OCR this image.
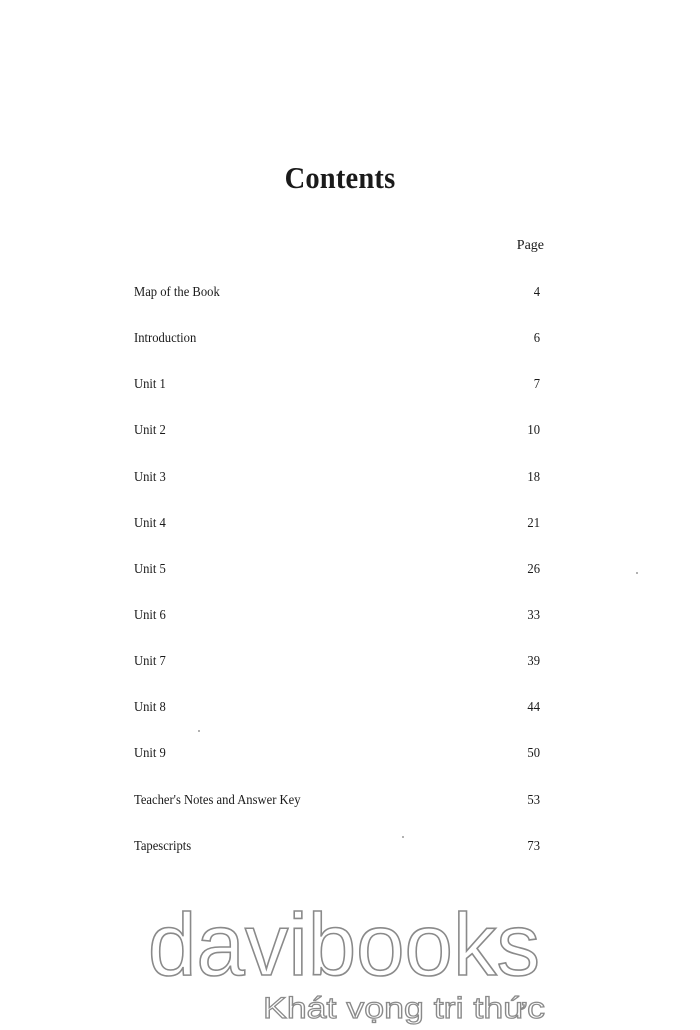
Contents
Page
Map of the Book	4
Introduction	6
Unit 1	7
Unit 2	10
Unit 3	18
Unit 4	21
Unit 5	26
Unit 6	33
Unit 7	39
Unit 8	44
Unit 9	50
Teacher's Notes and Answer Key	53
Tapescripts	73
davibooks
Khát vọng tri thức
